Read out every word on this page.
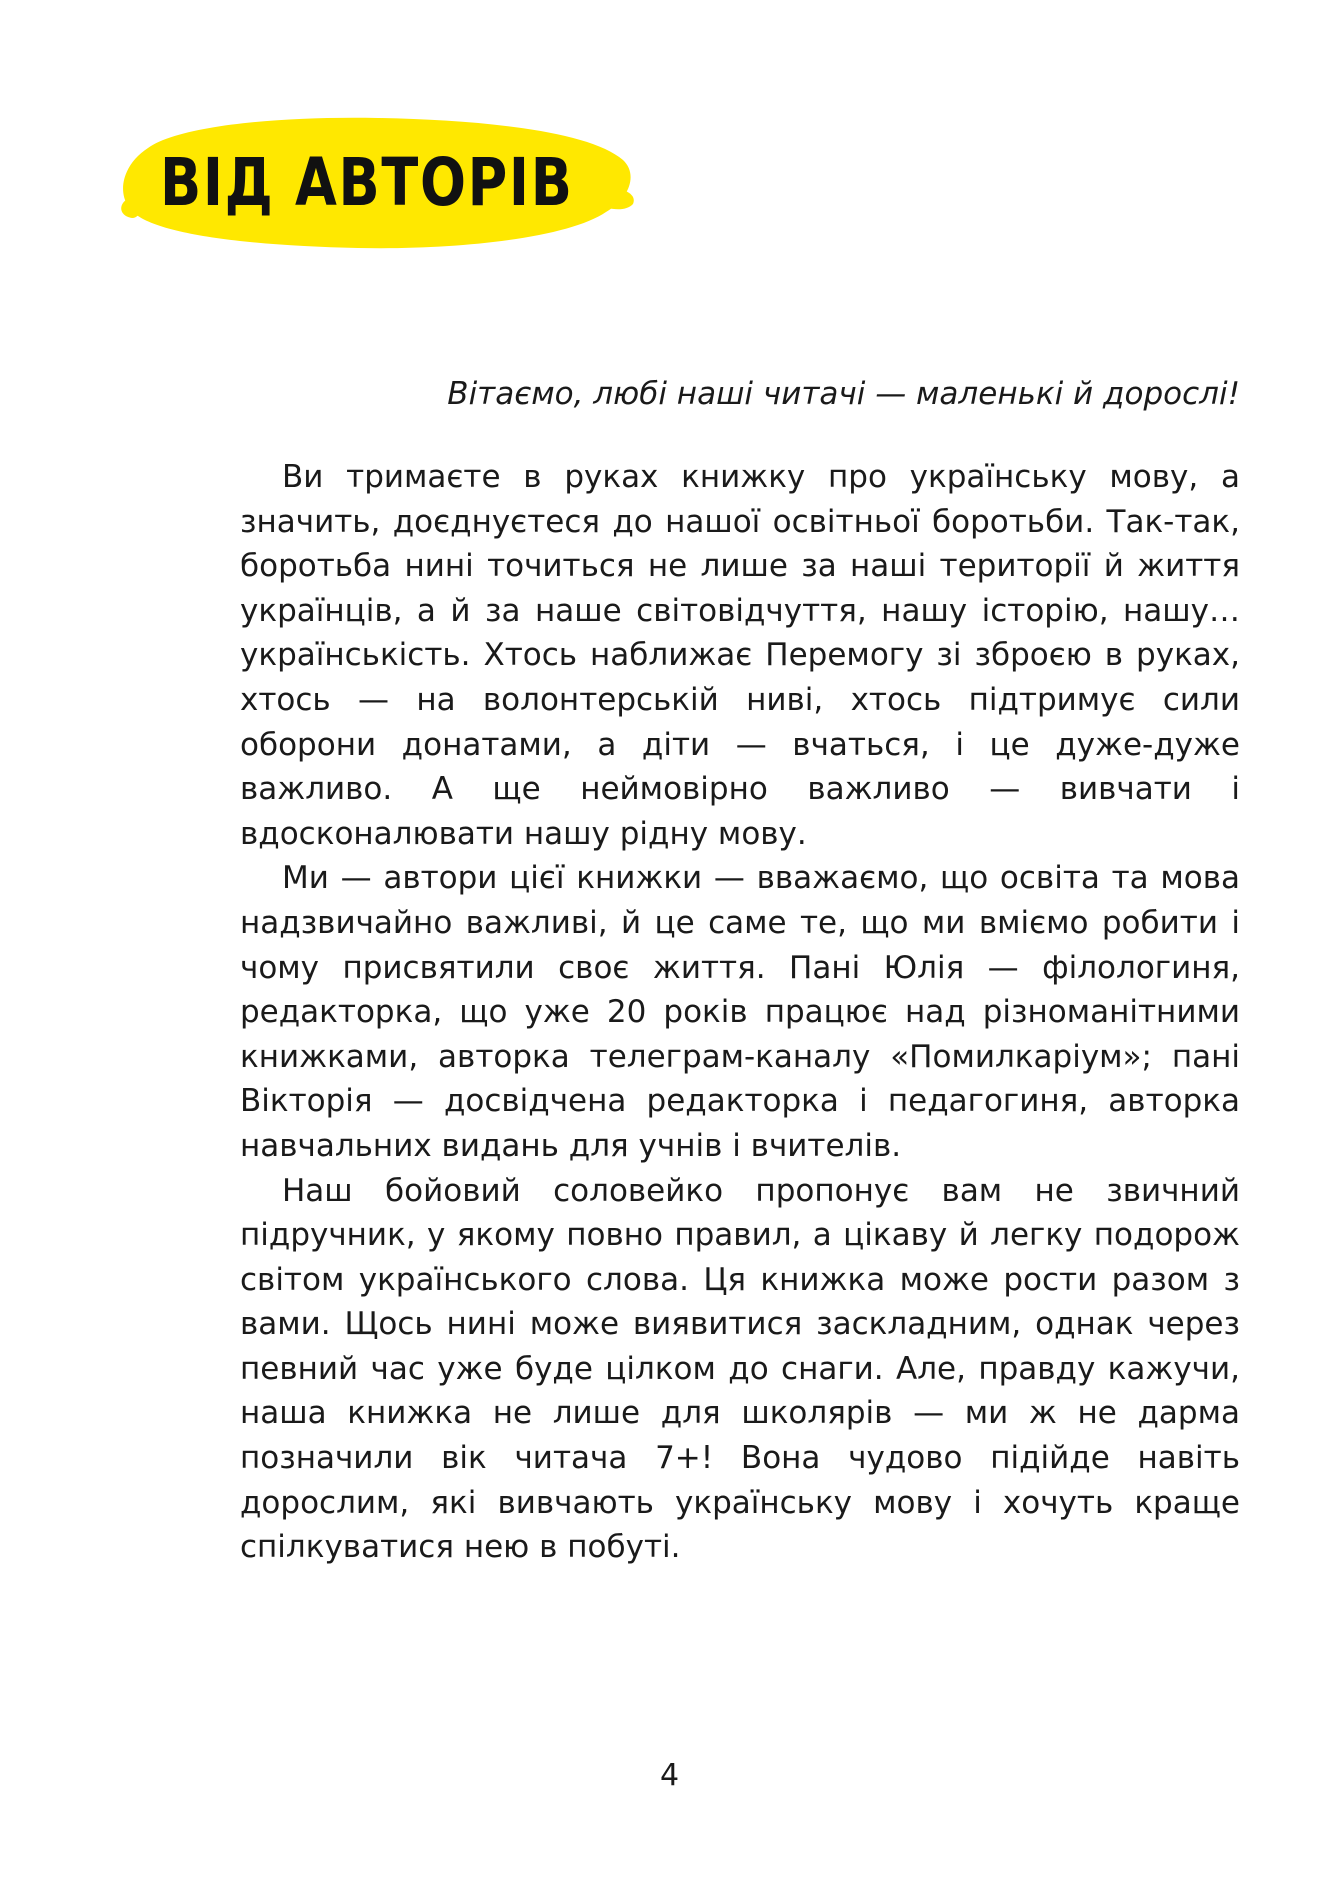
ВІД АВТОРІВ

Вітаємо, любі наші читачі — маленькі й дорослі!

Ви тримаєте в руках книжку про українську мову, а значить, доєднуєтеся до нашої освітньої боротьби. Так-так, боротьба нині точиться не лише за наші території й життя українців, а й за наше світовідчуття, нашу історію, нашу… українськість. Хтось наближає Перемогу зі зброєю в руках, хтось — на волонтерській ниві, хтось підтримує сили оборони донатами, а діти — вчаться, і це дуже-дуже важливо. А ще неймовірно важливо — вивчати і вдосконалювати нашу рідну мову.

Ми — автори цієї книжки — вважаємо, що освіта та мова надзвичайно важливі, й це саме те, що ми вміємо робити і чому присвятили своє життя. Пані Юлія — філологиня, редакторка, що уже 20 років працює над різноманітними книжками, авторка телеграм-каналу «Помилкаріум»; пані Вікторія — досвідчена редакторка і педагогиня, авторка навчальних видань для учнів і вчителів.

Наш бойовий соловейко пропонує вам не звичний підручник, у якому повно правил, а цікаву й легку подорож світом українського слова. Ця книжка може рости разом з вами. Щось нині може виявитися заскладним, однак через певний час уже буде цілком до снаги. Але, правду кажучи, наша книжка не лише для школярів — ми ж не дарма позначили вік читача 7+! Вона чудово підійде навіть дорослим, які вивчають українську мову і хочуть краще спілкуватися нею в побуті.

4
